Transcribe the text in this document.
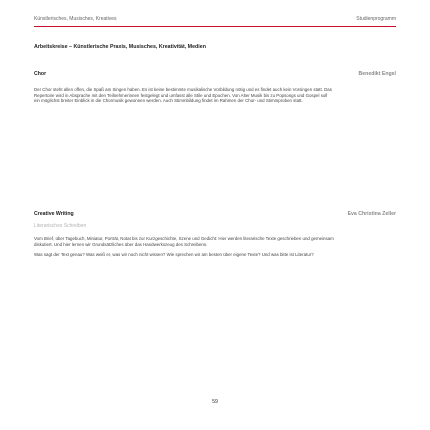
Künstlerisches, Musisches, Kreatives	Studienprogramm
Arbeitskreise – Künstlerische Praxis, Musisches, Kreativität, Medien
Chor	Benedikt Engel

Der Chor steht allen offen, die Spaß am Singen haben. Es ist keine bestimmte musikalische Vorbildung nötig und es findet auch kein Vorsingen statt. Das Repertoire wird in Absprache mit den Teilnehmerinnen festgelegt und umfasst alle Stile und Epochen. Von Alter Musik bis zu Popsongs und Gospel soll ein möglichst breiter Einblick in die Chormusik gewonnen werden. Auch Stimmbildung findet im Rahmen der Chor- und Stimmproben statt.

Creative Writing	Eva Christina Zeller
Literarisches Schreiben

Vom Brief, über Tagebuch, Miniatur, Porträt, Notat bis zur Kurzgeschichte, Szene und Gedicht: Hier werden literarische Texte geschrieben und gemeinsam diskutiert. Und hier lernen wir Grundsätzliches über das Handwerkszeug des Schreibens.

Was sagt der Text genau? Was weiß er, was wir noch nicht wissen? Wie sprechen wir am besten über eigene Texte? Und was bitte ist Literatur?

59
